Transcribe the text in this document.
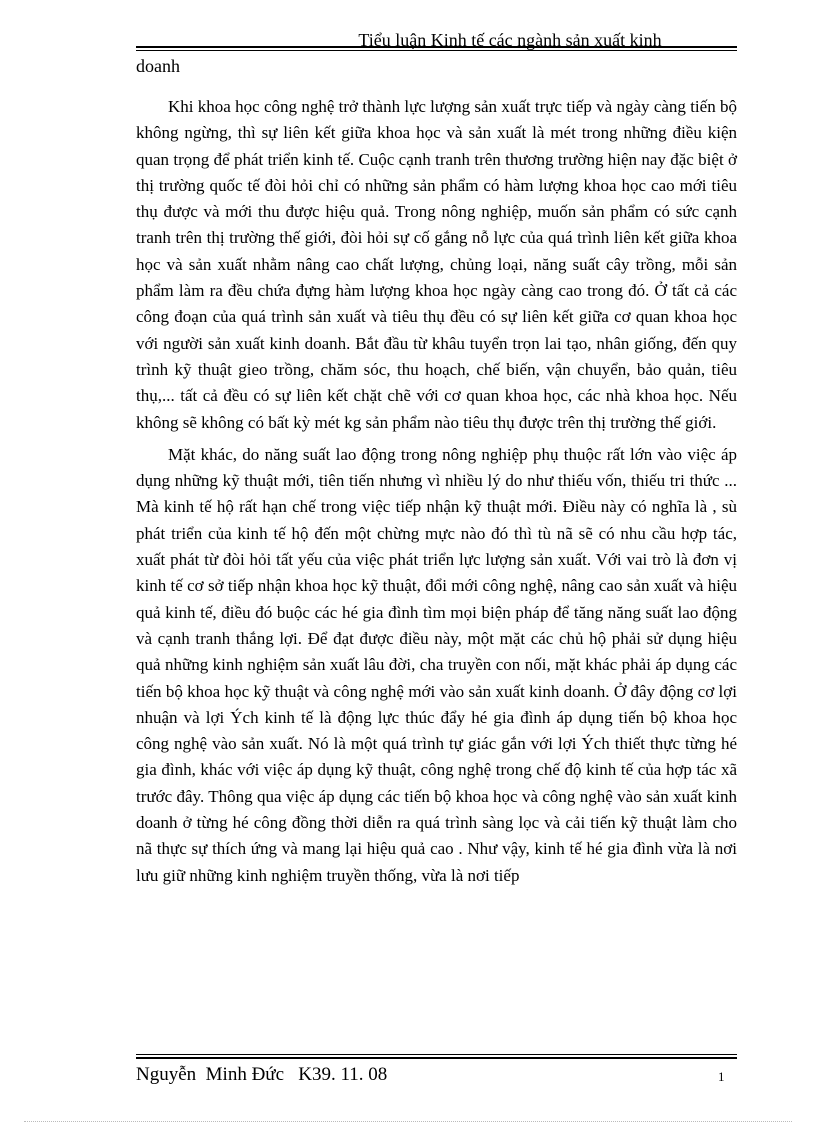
Tiểu luận Kinh tế các ngành sản xuất kinh
doanh

Khi khoa học công nghệ trở thành lực lượng sản xuất trực tiếp và ngày càng tiến bộ không ngừng, thì sự liên kết giữa khoa học và sản xuất là mét trong những điều kiện quan trọng để phát triển kinh tế. Cuộc cạnh tranh trên thương trường hiện nay đặc biệt ở thị trường quốc tế đòi hỏi chỉ có những sản phẩm có hàm lượng khoa học cao mới tiêu thụ được và mới thu được hiệu quả. Trong nông nghiệp, muốn sản phẩm có sức cạnh tranh trên thị trường thế giới, đòi hỏi sự cố gắng nỗ lực của quá trình liên kết giữa khoa học và sản xuất nhằm nâng cao chất lượng, chủng loại, năng suất cây trồng, mỗi sản phẩm làm ra đều chứa đựng hàm lượng khoa học ngày càng cao trong đó. Ở tất cả các công đoạn của quá trình sản xuất và tiêu thụ đều có sự liên kết giữa cơ quan khoa học với người sản xuất kinh doanh. Bắt đầu từ khâu tuyển trọn lai tạo, nhân giống, đến quy trình kỹ thuật gieo trồng, chăm sóc, thu hoạch, chế biến, vận chuyển, bảo quản, tiêu thụ,... tất cả đều có sự liên kết chặt chẽ với cơ quan khoa học, các nhà khoa học. Nếu không sẽ không có bất kỳ mét kg sản phẩm nào tiêu thụ được trên thị trường thế giới.

Mặt khác, do năng suất lao động trong nông nghiệp phụ thuộc rất lớn vào việc áp dụng những kỹ thuật mới, tiên tiến nhưng vì nhiều lý do như thiếu vốn, thiếu tri thức ... Mà kinh tế hộ rất hạn chế trong việc tiếp nhận kỹ thuật mới. Điều này có nghĩa là , sù phát triển của kinh tế hộ đến một chừng mực nào đó thì tù nã sẽ có nhu cầu hợp tác, xuất phát từ đòi hỏi tất yếu của việc phát triển lực lượng sản xuất. Với vai trò là đơn vị kinh tế cơ sở tiếp nhận khoa học kỹ thuật, đổi mới công nghệ, nâng cao sản xuất và hiệu quả kinh tế, điều đó buộc các hé gia đình tìm mọi biện pháp để tăng năng suất lao động và cạnh tranh thắng lợi. Để đạt được điều này, một mặt các chủ hộ phải sử dụng hiệu quả những kinh nghiệm sản xuất lâu đời, cha truyền con nối, mặt khác phải áp dụng các tiến bộ khoa học kỹ thuật và công nghệ mới vào sản xuất kinh doanh. Ở đây động cơ lợi nhuận và lợi Ých kinh tế là động lực thúc đẩy hé gia đình áp dụng tiến bộ khoa học công nghệ vào sản xuất. Nó là một quá trình tự giác gắn với lợi Ých thiết thực từng hé gia đình, khác với việc áp dụng kỹ thuật, công nghệ trong chế độ kinh tế của hợp tác xã trước đây. Thông qua việc áp dụng các tiến bộ khoa học và công nghệ vào sản xuất kinh doanh ở từng hé công đồng thời diễn ra quá trình sàng lọc và cải tiến kỹ thuật làm cho nã thực sự thích ứng và mang lại hiệu quả cao . Như vậy, kinh tế hé gia đình vừa là nơi lưu giữ những kinh nghiệm truyền thống, vừa là nơi tiếp

Nguyễn  Minh Đức   K39. 11. 08	1
